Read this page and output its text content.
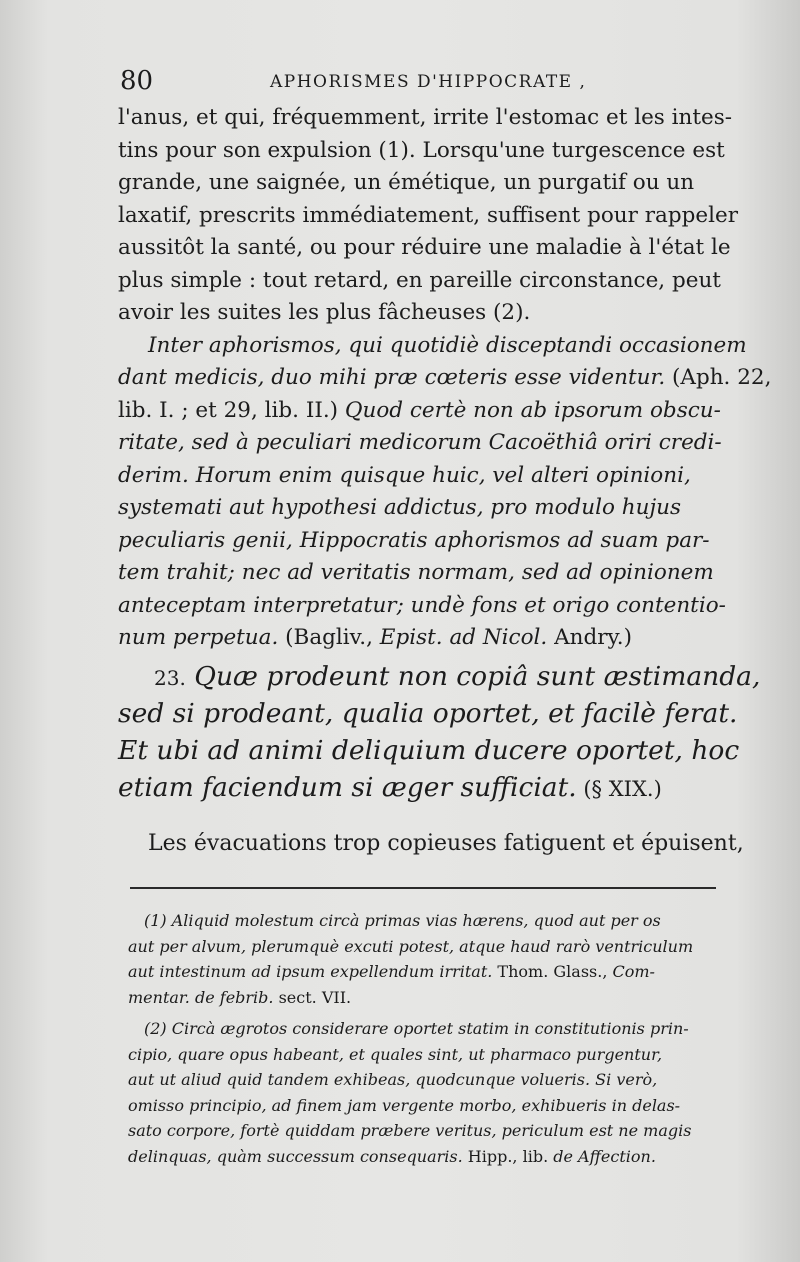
80	APHORISMES D'HIPPOCRATE ,
l'anus, et qui, fréquemment, irrite l'estomac et les intes-
tins pour son expulsion (1). Lorsqu'une turgescence est
grande, une saignée, un émétique, un purgatif ou un
laxatif, prescrits immédiatement, suffisent pour rappeler
aussitôt la santé, ou pour réduire une maladie à l'état le
plus simple : tout retard, en pareille circonstance, peut
avoir les suites les plus fâcheuses (2).
Inter aphorismos, qui quotidiè disceptandi occasionem
dant medicis, duo mihi præ cœteris esse videntur. (Aph. 22,
lib. I. ; et 29, lib. II.) Quod certè non ab ipsorum obscu-
ritate, sed à peculiari medicorum Cacoëthiâ oriri credi-
derim. Horum enim quisque huic, vel alteri opinioni,
systemati aut hypothesi addictus, pro modulo hujus
peculiaris genii, Hippocratis aphorismos ad suam par-
tem trahit; nec ad veritatis normam, sed ad opinionem
anteceptam interpretatur; undè fons et origo contentio-
num perpetua. (Bagliv., Epist. ad Nicol. Andry.)
23. Quæ prodeunt non copiâ sunt æstimanda,
sed si prodeant, qualia oportet, et facilè ferat.
Et ubi ad animi deliquium ducere oportet, hoc
etiam faciendum si æger sufficiat. (§ XIX.)
Les évacuations trop copieuses fatiguent et épuisent,
(1) Aliquid molestum circà primas vias hærens, quod aut per os
aut per alvum, plerumquè excuti potest, atque haud rarò ventriculum
aut intestinum ad ipsum expellendum irritat. Thom. Glass., Com-
mentar. de febrib. sect. VII.
(2) Circà ægrotos considerare oportet statim in constitutionis prin-
cipio, quare opus habeant, et quales sint, ut pharmaco purgentur,
aut ut aliud quid tandem exhibeas, quodcunque volueris. Si verò,
omisso principio, ad finem jam vergente morbo, exhibueris in delas-
sato corpore, fortè quiddam præbere veritus, periculum est ne magis
delinquas, quàm successum consequaris. Hipp., lib. de Affection.
